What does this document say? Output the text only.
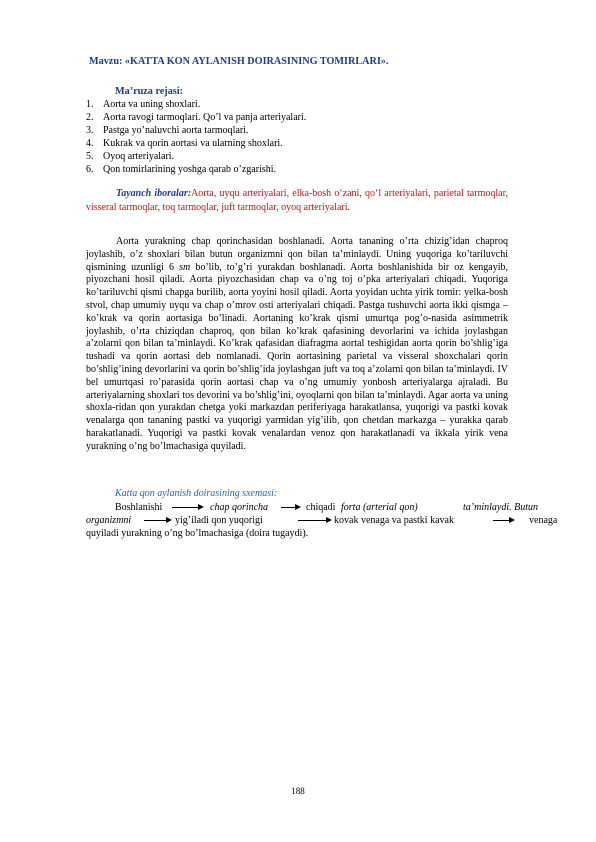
Mavzu: «KATTA KON AYLANISH DOIRASINING TOMIRLARI».
Ma’ruza rejasi:
1. Aorta va uning shoxlari.
2. Aorta ravogi tarmoqlari. Qo’l va panja arteriyalari.
3. Pastga yo’naluvchi aorta tarmoqlari.
4. Kukrak va qorin aortasi va ularning shoxlari.
5. Oyoq arteriyalari.
6. Qon tomirlarining yoshga qarab o’zgarishi.

Tayanch iboralar:Aorta, uyqu arteriyalari, elka-bosh o‘zani, qo‘l arteriyalari, parietal tarmoqlar, visseral tarmoqlar, toq tarmoqlar, juft tarmoqlar, oyoq arteriyalari.

Aorta yurakning chap qorinchasidan boshlanadi. Aorta tananing o’rta chizig’idan chaproq joylashib, o’z shoxlari bilan butun organizmni qon bilan ta’minlaydi. Uning yuqoriga ko’tariluvchi qismining uzunligi 6 sm bo’lib, to’g’ri yurakdan boshlanadi. Aorta boshlanishida bir oz kengayib, piyozchani hosil qiladi. Aorta piyozchasidan chap va o’ng toj o’pka arteriyalari chiqadi. Yuqoriga ko’tariluvchi qismi chapga burilib, aorta yoyini hosil qiladi. Aorta yoyidan uchta yirik tomir: yelka-bosh stvol, chap umumiy uyqu va chap o’mrov osti arteriyalari chiqadi. Pastga tushuvchi aorta ikki qismga – ko’krak va qorin aortasiga bo’linadi. Aortaning ko’krak qismi umurtqa pog’o-nasida asimmetrik joylashib, o’rta chiziqdan chaproq, qon bilan ko’krak qafasining devorlarini va ichida joylashgan a’zolarni qon bilan ta’minlaydi. Ko’krak qafasidan diafragma aortal teshigidan aorta qorin bo’shlig’iga tushadi va qorin aortasi deb nomlanadi. Qorin aortasining parietal va visseral shoxchalari qorin bo’shlig’ining devorlarini va qorin bo’shlig’ida joylashgan juft va toq a’zolarni qon bilan ta’minlaydi. IV bel umurtqasi ro’parasida qorin aortasi chap va o’ng umumiy yonbosh arteriyalarga ajraladi. Bu arteriyalarning shoxlari tos devorini va bo’shlig’ini, oyoqlarni qon bilan ta’minlaydi. Agar aorta va uning shoxla-ridan qon yurakdan chetga yoki markazdan periferiyaga harakatlansa, yuqorigi va pastki kovak venalarga qon tananing pastki va yuqorigi yarmidan yig’ilib, qon chetdan markazga – yurakka qarab harakatlanadi. Yuqorigi va pastki kovak venalardan venoz qon harakatlanadi va ikkala yirik vena yurakning o’ng bo’lmachasiga quyiladi.

Katta qon aylanish doirasining sxemasi:
Boshlanishi	chap qorincha	chiqadi forta (arterial qon)	ta’minlaydi. Butun
organizmni	yig’iladi qon yuqorigi	kovak venaga va pastki kavak	venaga
quyiladi yurakning o’ng bo’lmachasiga (doira tugaydi).
188
